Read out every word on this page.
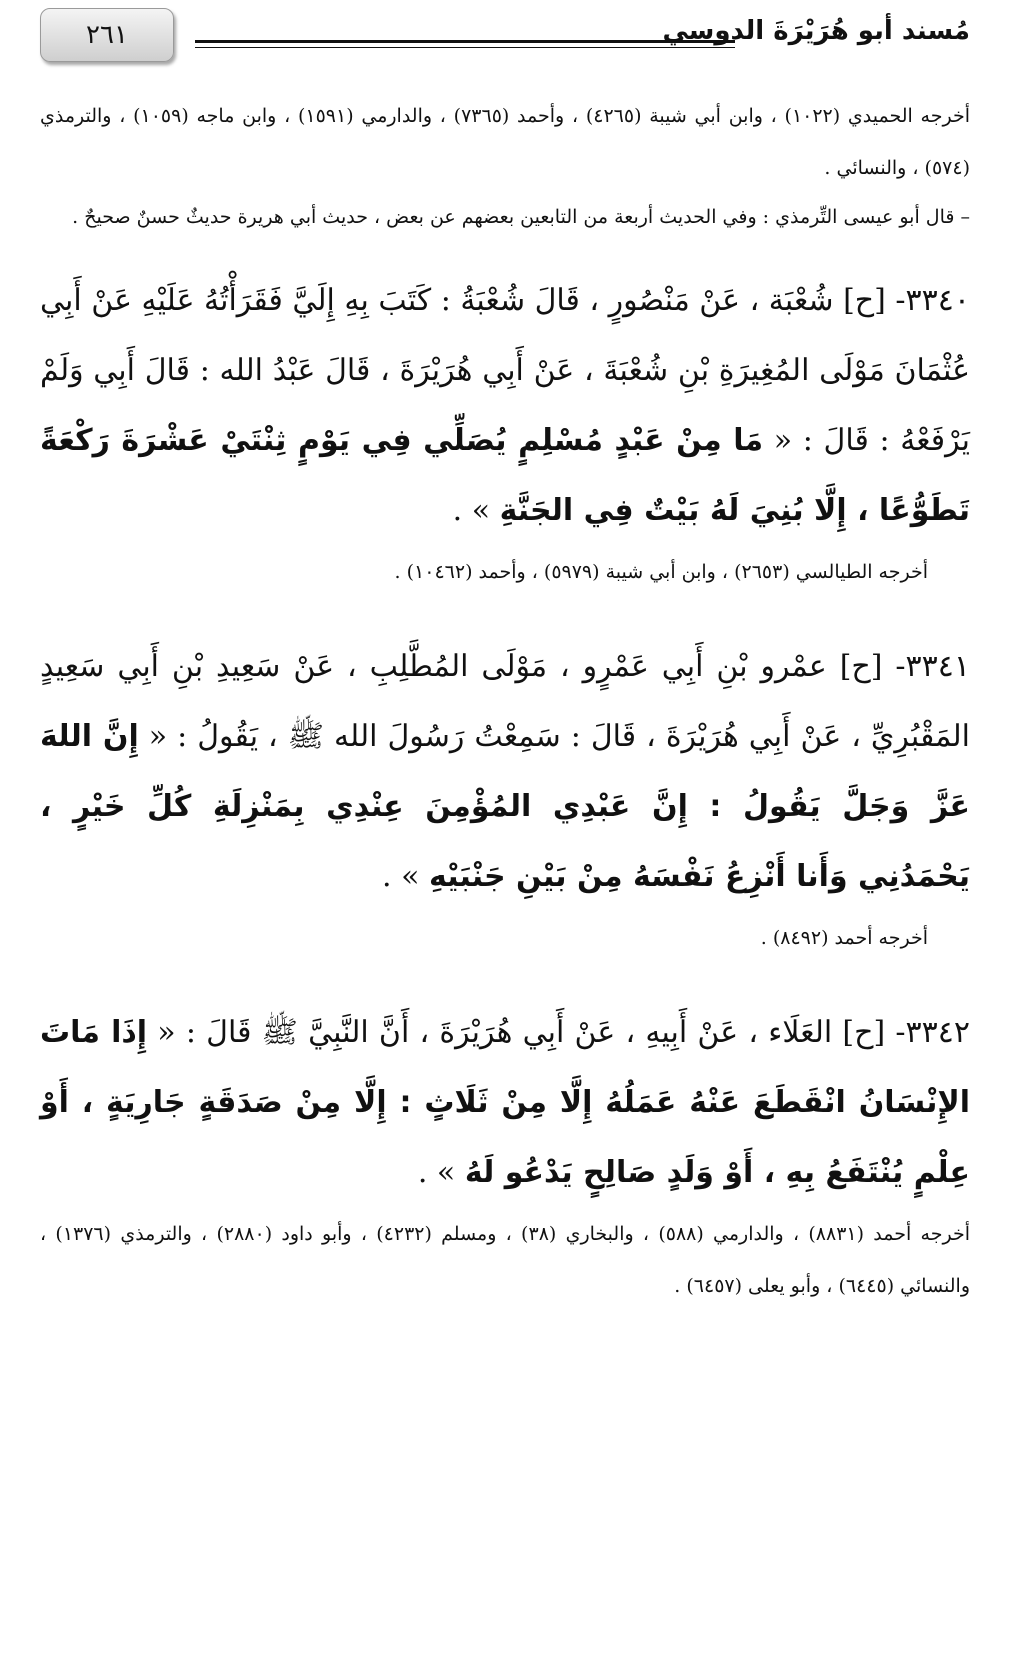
٢٦١	مُسند أبو هُرَيْرَةَ الدوسي

أخرجه الحميدي (١٠٢٢) ، وابن أبي شيبة (٤٢٦٥) ، وأحمد (٧٣٦٥) ، والدارمي (١٥٩١) ، وابن ماجه (١٠٥٩) ، والترمذي (٥٧٤) ، والنسائي .

– قال أبو عيسى التِّرمذي : وفي الحديث أربعة من التابعين بعضهم عن بعض ، حديث أبي هريرة حديثٌ حسنٌ صحيحٌ .

٣٣٤٠- [ح] شُعْبَة ، عَنْ مَنْصُورٍ ، قَالَ شُعْبَةُ : كَتَبَ بِهِ إِلَيَّ فَقَرَأْتُهُ عَلَيْهِ عَنْ أَبِي عُثْمَانَ مَوْلَى المُغِيرَةِ بْنِ شُعْبَةَ ، عَنْ أَبِي هُرَيْرَةَ ، قَالَ عَبْدُ الله : قَالَ أَبِي وَلَمْ يَرْفَعْهُ : قَالَ : « مَا مِنْ عَبْدٍ مُسْلِمٍ يُصَلِّي فِي يَوْمٍ ثِنْتَيْ عَشْرَةَ رَكْعَةً تَطَوُّعًا ، إِلَّا بُنِيَ لَهُ بَيْتٌ فِي الجَنَّةِ » .

أخرجه الطيالسي (٢٦٥٣) ، وابن أبي شيبة (٥٩٧٩) ، وأحمد (١٠٤٦٢) .

٣٣٤١- [ح] عمْرو بْنِ أَبِي عَمْرٍو ، مَوْلَى المُطَّلِبِ ، عَنْ سَعِيدِ بْنِ أَبِي سَعِيدٍ المَقْبُرِيِّ ، عَنْ أَبِي هُرَيْرَةَ ، قَالَ : سَمِعْتُ رَسُولَ الله ﷺ ، يَقُولُ : « إِنَّ اللهَ عَزَّ وَجَلَّ يَقُولُ : إِنَّ عَبْدِي المُؤْمِنَ عِنْدِي بِمَنْزِلَةِ كُلِّ خَيْرٍ ، يَحْمَدُنِي وَأَنا أَنْزِعُ نَفْسَهُ مِنْ بَيْنِ جَنْبَيْهِ » .

أخرجه أحمد (٨٤٩٢) .

٣٣٤٢- [ح] العَلَاء ، عَنْ أَبِيهِ ، عَنْ أَبِي هُرَيْرَةَ ، أَنَّ النَّبِيَّ ﷺ قَالَ : « إِذَا مَاتَ الإِنْسَانُ انْقَطَعَ عَنْهُ عَمَلُهُ إِلَّا مِنْ ثَلَاثٍ : إِلَّا مِنْ صَدَقَةٍ جَارِيَةٍ ، أَوْ عِلْمٍ يُنْتَفَعُ بِهِ ، أَوْ وَلَدٍ صَالِحٍ يَدْعُو لَهُ » .

أخرجه أحمد (٨٨٣١) ، والدارمي (٥٨٨) ، والبخاري (٣٨) ، ومسلم (٤٢٣٢) ، وأبو داود (٢٨٨٠) ، والترمذي (١٣٧٦) ، والنسائي (٦٤٤٥) ، وأبو يعلى (٦٤٥٧) .
